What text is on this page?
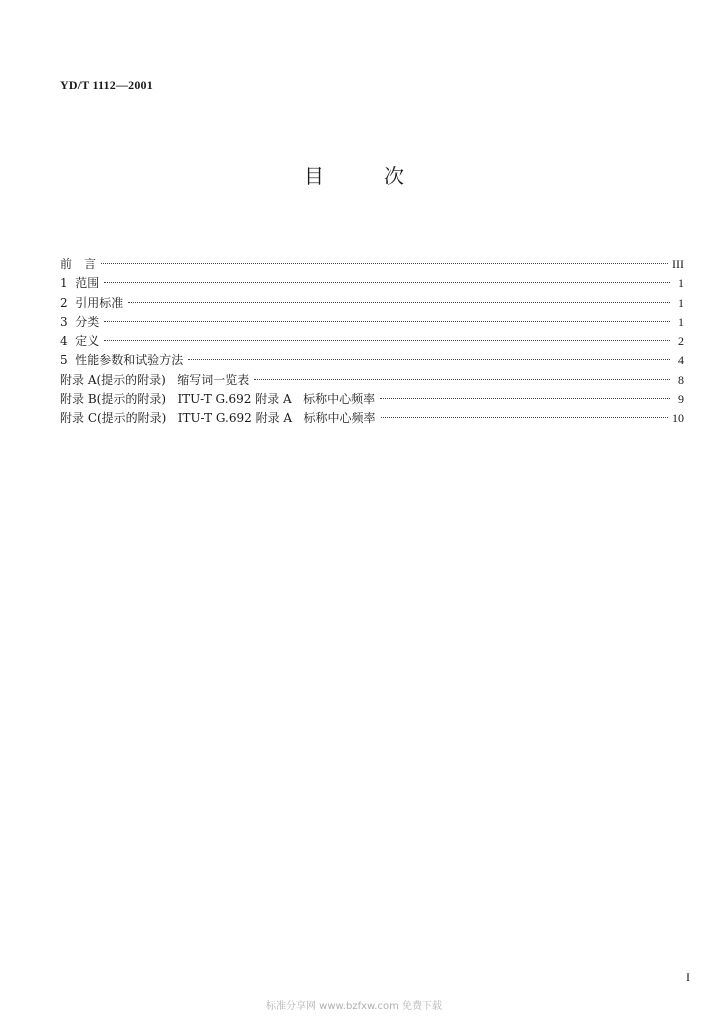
YD/T 1112—2001
目	次
前　言	III
1  范围	1
2  引用标准	1
3  分类	1
4  定义	2
5  性能参数和试验方法	4
附录 A(提示的附录)   缩写词一览表	8
附录 B(提示的附录)   ITU-T G.692 附录 A   标称中心频率	9
附录 C(提示的附录)   ITU-T G.692 附录 A   标称中心频率	10
I
标准分享网 www.bzfxw.com 免费下载
